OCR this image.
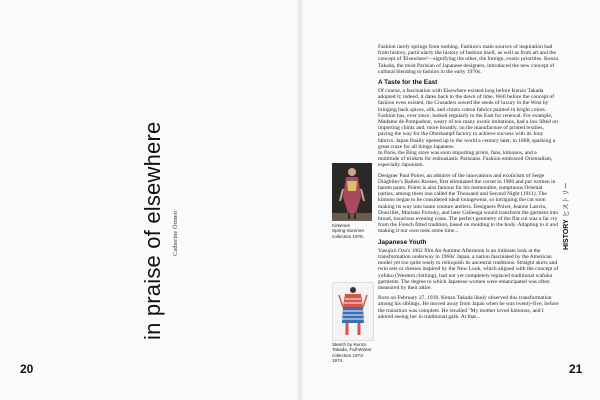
in praise of elsewhere Catherine Örmen
20
Kirkenes
Spring-Summer
collection 1976.
Sketch by Kenzo
Takada, Fall-Winter
collection 1973-1974.

Fashion rarely springs from nothing. Fashion's main sources of inspiration had from history, particularly the history of fashion itself, as well as from art and the concept of 'Elsewhere'—signifying the other, the foreign, exotic priorities. Kenzo Takada, the most Parisian of Japanese designers, introduced the new concept of cultural blending to fashion in the early 1970s.

A Taste for the East

Of course, a fascination with Elsewhere existed long before Kenzo Takada adopted it; indeed, it dates back to the dawn of time. Well before the concept of fashion even existed, the Crusaders sowed the seeds of luxury in the West by bringing back spices, silk, and chintz cotton fabrics painted in bright colors. Fashion has, ever since, looked regularly to the East for renewal. For example, Madame de Pompadour, weary of too many exotic imitations, had a law lifted on importing chintz and, more broadly, on the manufacture of printed textiles, paving the way for the Oberkampf factory to achieve success with its Jouy fabrics. Japan finally opened up to the world a century later, in 1868, sparking a great craze for all things Japanese.

In Paris, the Bing store was soon importing prints, fans, kimonos, and a multitude of trinkets for enthusiastic Parisians. Fashion embraced Orientalism, especially Japonism.

Designer Paul Poiret, an admirer of the innovations and exoticism of Serge Diaghilev's Ballets Russes, first eliminated the corset in 1906 and put women in harem pants. Poiret is also famous for his memorable, sumptuous Oriental parties, among them one called the Thousand and Second Night (1911). The kimono began to be considered ideal loungewear, so intriguing the cut soon making its way into haute couture ateliers. Designers Poiret, Jeanne Lanvin, Doucillet, Mariano Fortuny, and later Gallenga would transform the garment into broad, luxurious evening coats. The perfect geometry of the flat cut was a far cry from the French fitted tradition, based on molding to the body. Adapting to it and making it our own took some time...

Japanese Youth

Yasujirō Ozu's 1962 film An Autumn Afternoon is an intimate look at the transformation underway in 1960s' Japan, a nation fascinated by the American model yet too quite ready to relinquish its ancestral traditions. Straight skirts and twin sets or dresses inspired by the New Look, which aligned with the concept of yofuku (Western clothing), had not yet completely replaced traditional wafuku garments. The degree to which Japanese women were emancipated was often measured by their attire.

Born on February 27, 1939, Kenzo Takada likely observed this transformation among his siblings. He moved away from Japan when he was twenty-five, before the transition was complete. He recalled "My mother loved kimonos, and I adored seeing her in traditional garb. At that...

HISTORYヒストリー
21
